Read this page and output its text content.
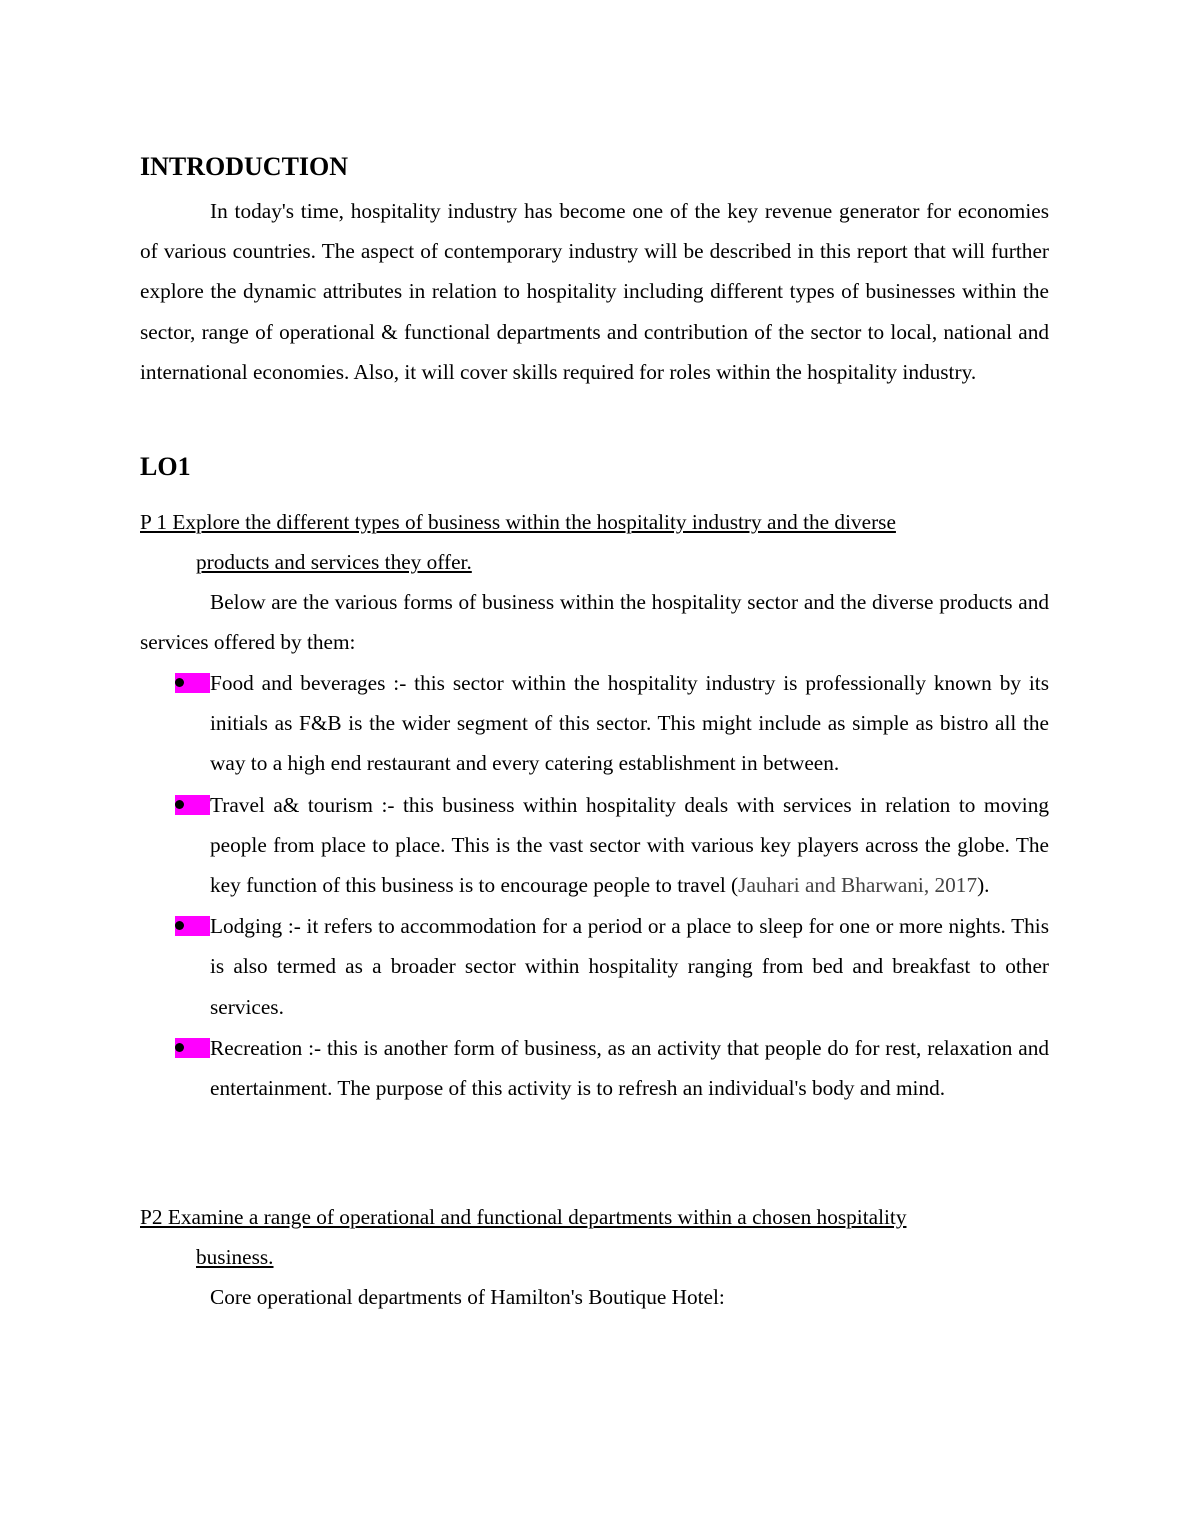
INTRODUCTION

In today's time, hospitality industry has become one of the key revenue generator for economies of various countries. The aspect of contemporary industry will be described in this report that will further explore the dynamic attributes in relation to hospitality including different types of businesses within the sector, range of operational & functional departments and contribution of the sector to local, national and international economies. Also, it will cover skills required for roles within the hospitality industry.

LO1
P 1 Explore the different types of business within the hospitality industry and the diverse
products and services they offer.

Below are the various forms of business within the hospitality sector and the diverse products and services offered by them:

Food and beverages :- this sector within the hospitality industry is professionally known by its initials as F&B is the wider segment of this sector. This might include as simple as bistro all the way to a high end restaurant and every catering establishment in between.
Travel a& tourism :- this business within hospitality deals with services in relation to moving people from place to place. This is the vast sector with various key players across the globe. The key function of this business is to encourage people to travel (Jauhari and Bharwani, 2017).
Lodging :- it refers to accommodation for a period or a place to sleep for one or more nights. This is also termed as a broader sector within hospitality ranging from bed and breakfast to other services.
Recreation :- this is another form of business, as an activity that people do for rest, relaxation and entertainment. The purpose of this activity is to refresh an individual's body and mind.
P2 Examine a range of operational and functional departments within a chosen hospitality
business.

Core operational departments of Hamilton's Boutique Hotel:
